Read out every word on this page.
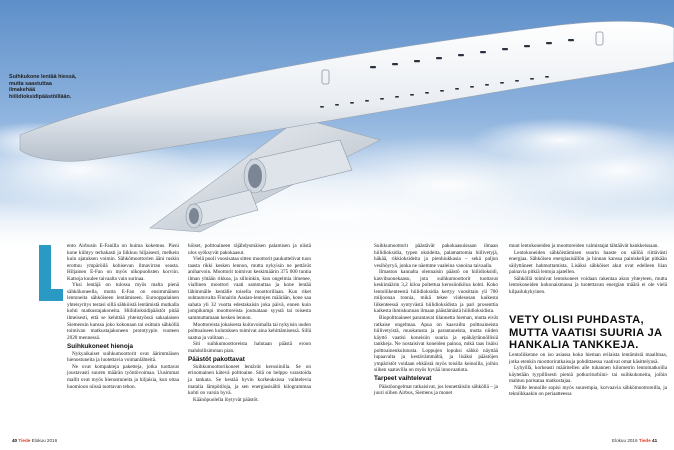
Suihkukone lentää hiessä, mutta saastuttaa ilmakehää hiilidioksidipäästöillään.

ento Airbusin E-Fanilla on huima kokemus. Pieni kone kiihtyy terhakasti ja liikkuu hiljaisesti, melkein kuin ajatuksen voimin. Sähkömoottorien ääni tuskin erottuu ympäröilä kohisevan ilmavirran seasta. Hiljainen E-Fan on myös ulkopuolisten korviin. Katsoja kuulee taivaalta vain surinaa.

Yksi lentäjä on tulossa myös malta pienä sähkökoneella, mutta E-Fan on ensimmäinen lentoneita sähköiseen lentämiseen. Eurooppalainen yhteisyritys testasi sillä sähköistä lentämistä mutkalla kohti matkustajakoneita. Hiilidioksidipäästöt pitää ilmeisesti, että se kehittää yhteistyössä saksalaisen Siemensin kanssa joko kokonaan tai osittain sähköllä toimivan matkustajakoneen prototyypin vuoteen 2020 mennessä.

Suihkukoneet hienoja

Nykyaikaiset suihkumoottorit ovat äärimmäisen hienostuneita ja luotettavia voimanlähteitä.

Ne ovat kompakteja paketteja, jotka tuottavat joustavasti suuren määrän työntövoimaa. Uusimmat mallit ovat myös hienostuneita ja hiljaisia, kun ottaa huomioon niissä tuottavan tehon.

höiset, polttoaineen räjähdysmäisen palamisen ja niistä ulos syöksyvät pakokaasut.

Vielä puoli vuosisataa sitten moottorit paukuttelivat tuon taasta rikki kesken lennon, mutta nykyisin ne pettävät aniharvoin. Moottorit toimivat keskimäärin 375 000 tuntia ilman yhtään rikkoa, ja silloinkin, kun ongelmia ilmenee, viallinen moottori vaati sammuttaa ja kone lentää lähimmälle kentälle toisella moottorillaan. Kun riket suhtautuvalta Finnairin Aasian-lentojen määrään, kone saa sahata yli 32 vuotta edestakaisin joka päivä, ennen kuin jompikumpi moottoreista joutuataan syystä tai toisesta sammuttamaan kesken lennon.

Moottoreista jokaisesta kuituvoimalla tai nykyisin uuden polttoaineen kulutuksen toimivat aina kehittämisessä. Sillä saatua ja valitaan ...

Siti suihkumoottoreista halutaan päästä eroon mahdollisimman pian.

Päästöt pakottavat

Suihkumoottorikoneet lentävät kerosiinilla. Se on erinomainen kätevä polttoaine. Sitä on helppo varastoida ja tankata. Se kestää hyvin korkeuksissa vaihtelevia matalia lämpötiloja, ja sen energiasisältö kilogrammaa kohti on varsin hyvä.

Käänöpuolella löytyvät päästöt.

Suihkumoottorit päästävät pakokaasuissaan ilmaan hiilidioksidia, typen oksideita, palamattomia hiilivetyjä, häkää, rikkioksideita ja pienhiukkasia – sekä paljon vesihöyryä, jonka ne näemme vaaleina vanoina taivaalla.

Ilmaston kannalta olennaisin päästö on hiilidioksidi, kasvihuonekaasu, jota suihkumoottorit tuottavat keskimäärin 3,2 kiloa poltettua kerosiinikiloa kohti. Koko lentoliikenteestä hiilidioksidia kertyy vuosittain yli 700 miljoonaa tonnia, mikä tekee viidesosan kaikesta liikenteessä syntyvästä hiilidioksidista ja pari prosenttia kaikesta ihmiskunnan ilmaan päästämästä hiilidioksidista.

Biopolttoaineet parantavat tilannetta hieman, mutta eivät ratkaise ongelmaa. Apua on kaavailtu polttoaineista hiilivetyistä, muokatusta ja parantaneista, mutta niiden käyttö vaatisi koneisiin suuria ja epäkäytännöllisiä tankkeja. Ne nostaisivat koneiden painoa, mikä taas lisäisi polttoainenkulutusta. Loppujen lopuksi sähkö näyttää lupaavalta ja kestävämmältä, ja lisäksi päästöjen ympäristöt voidaan ehkäistä myös toisilla keinoilla, joihin siihen saatavilla on myös hyvää innovaatiota.

Tarpeet vaihtelevat

Päästöongelmat ratkaisivat, jos lennettäisiin sähköllä – ja juuri siihen Airbus, Siemens ja monet

muut lentokoneiden ja moottoreiden valmistajat tähtäävät hankkeissaan.

Lentokoneiden sähköistämisen suurin haaste on säilöä riittävästi energiaa. Sähköisen energiasisällön ja hinnan kanssa painiskelijat pitkään säilyttäneet hahmottamista. Lisäksi sähköiset akut ovat edelleen liian painavia pitkiä lentoja ajatellen.

Sähköllä toimivat lentokoneet voidaan rakentaa akun yhteyteen, mutta lentokoneiden kokonaismassa ja tuotettavan energian määrä ei ole vielä kilpailukykyinen.

VETY OLISI PUHDASTA, MUTTA VAATISI SUURIA JA HANKALIA TANKKEJA.

Lentoliikenne on iso asiassa koko hieman erilaista lentämistä maailmaa, jotka etenkin moottoriratkaisuja pohdittaessa vaativat omat käsittelynsä.

Lyhyillä, korkeasti määritellen alle tuhannen kilometrin lentomatkoilla käytetään tyypillisesti pieniä potkuriturbiini- tai suihkukoneita, joihin mahtuu parisataa matkustajaa.

Näille lennoille sopisi myös suurempia, korvaavia sähkömoottoreilla, ja tekniikkaakin on periaatteessa

40 Tiede Elokuu 2016	Elokuu 2016 Tiede 41
